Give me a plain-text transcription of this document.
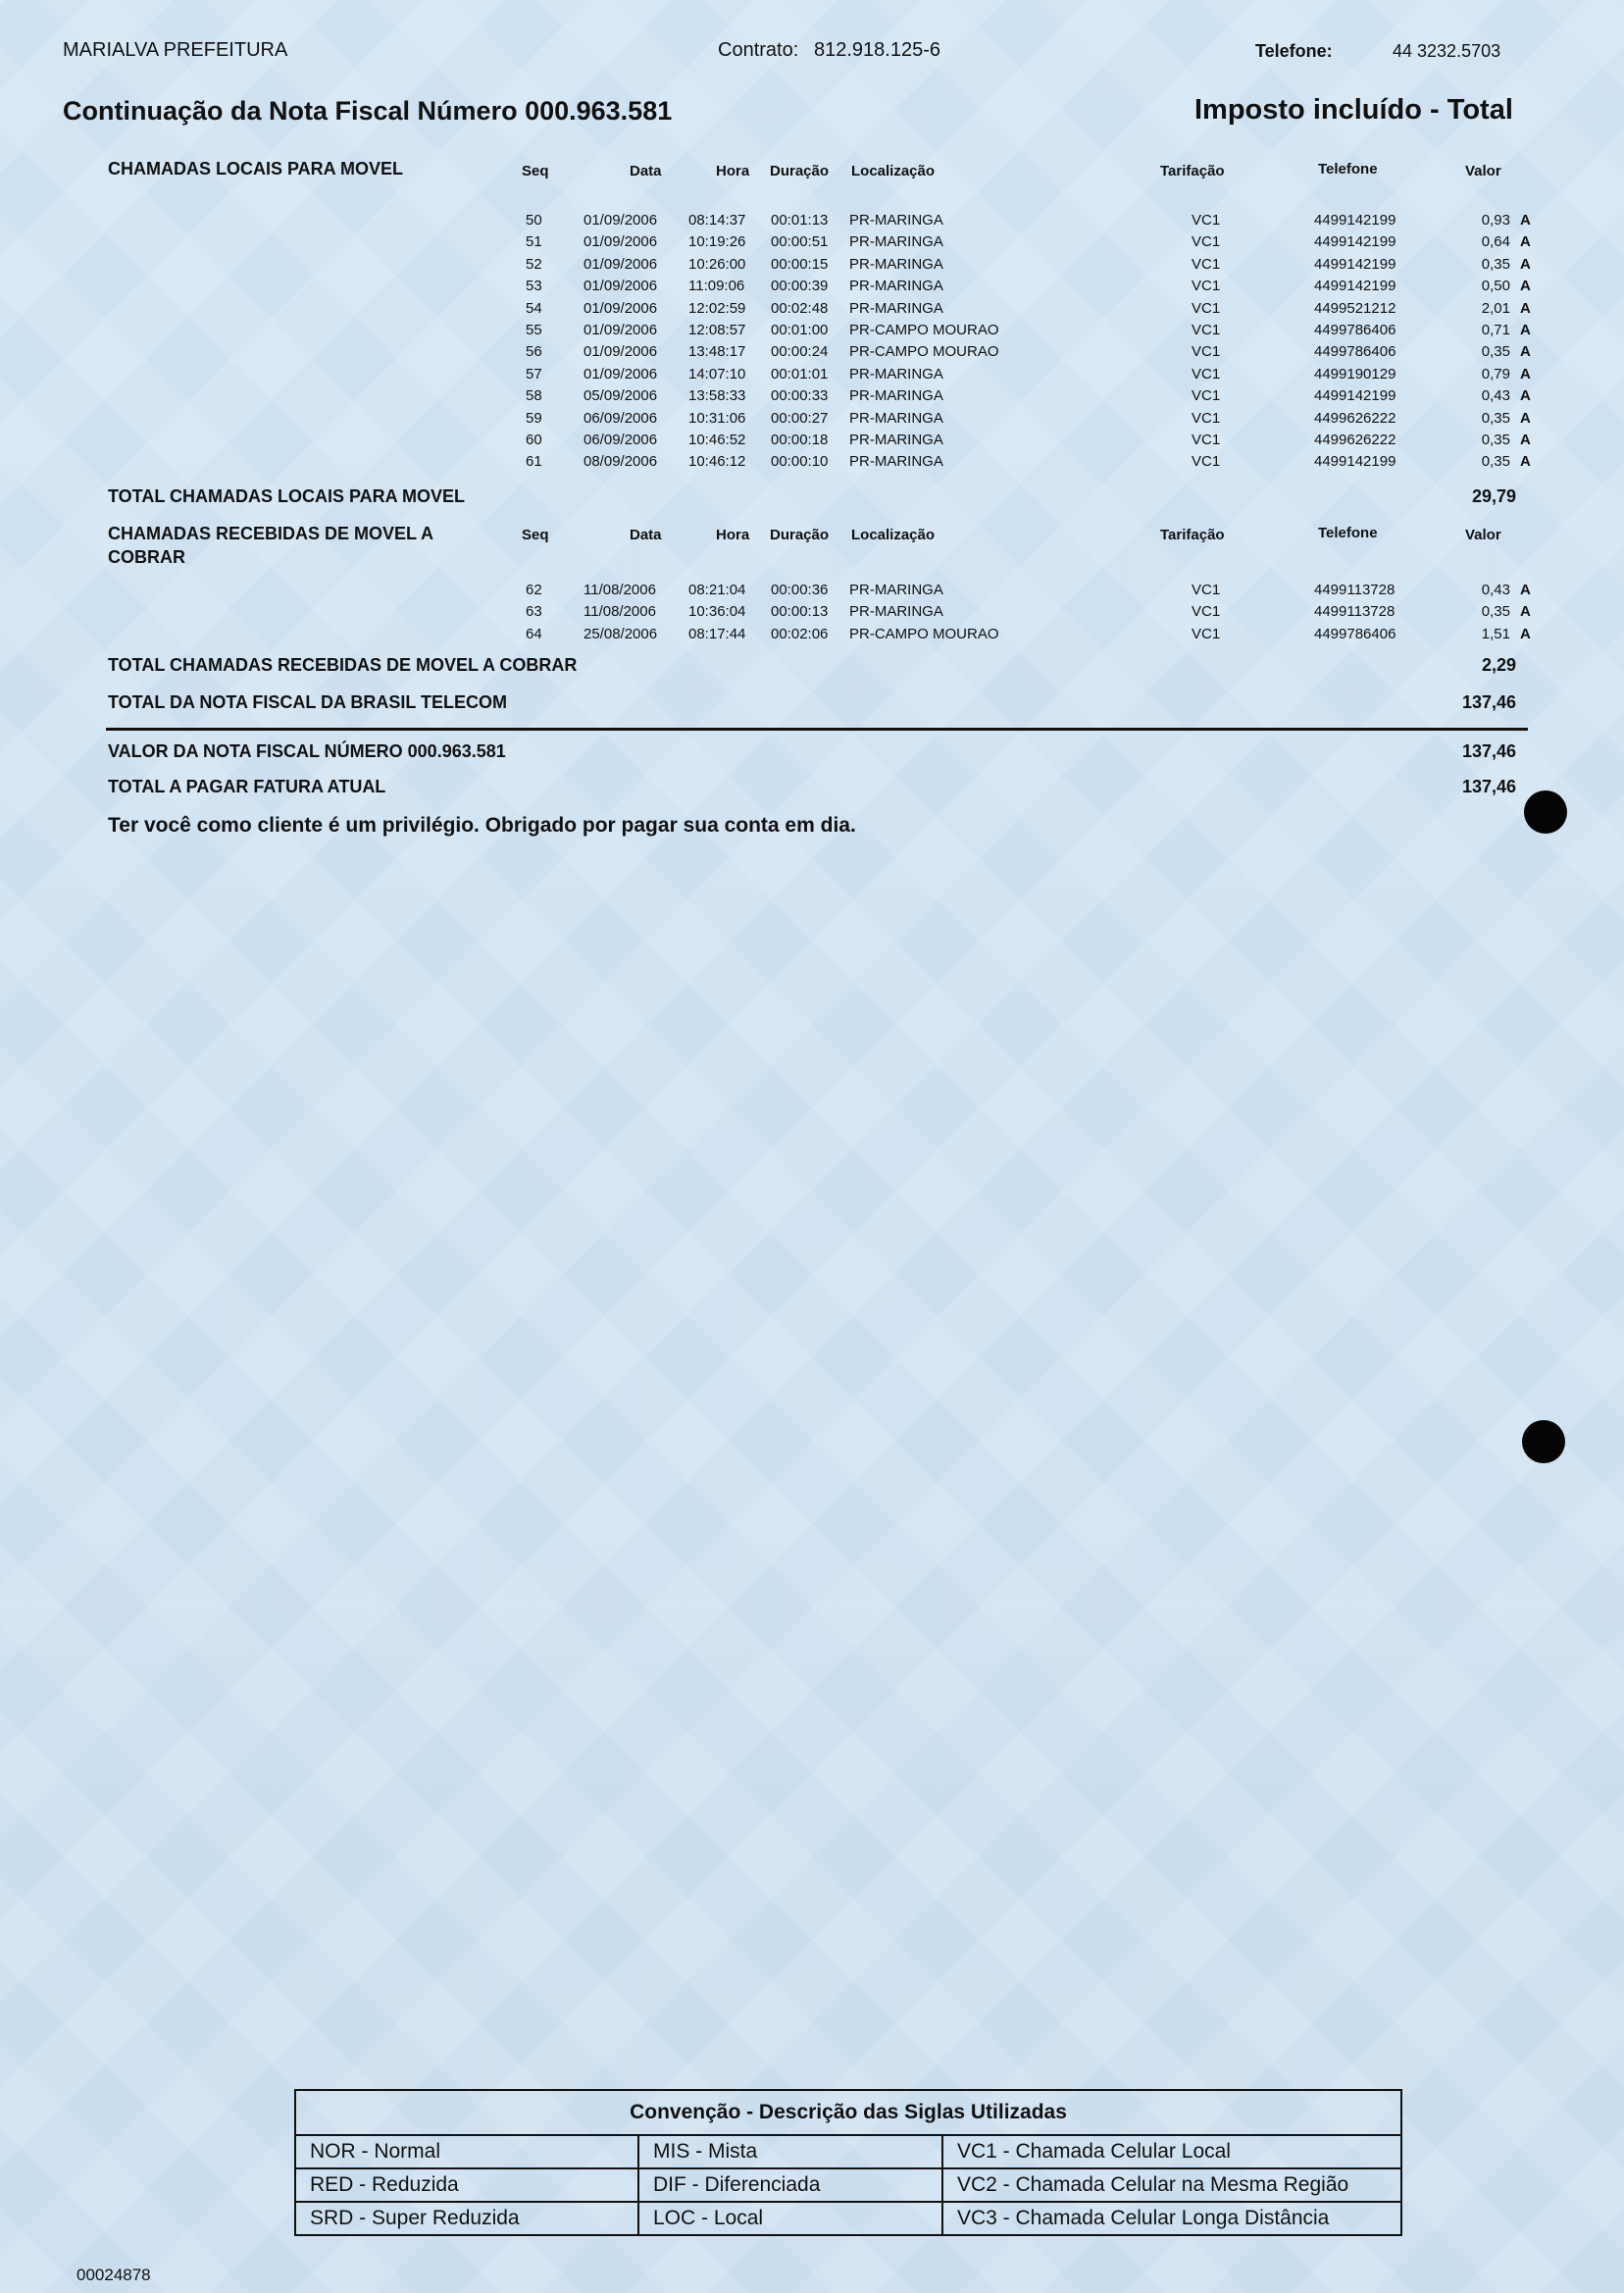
MARIALVA PREFEITURA	Contrato: 812.918.125-6	Telefone:	44 3232.5703
Continuação da Nota Fiscal Número 000.963.581	Imposto incluído - Total
CHAMADAS LOCAIS PARA MOVEL	Seq	Data	Hora Duração Localização	Tarifação	Telefone	Valor
50	01/09/2006 08:14:37 00:01:13 PR-MARINGA	VC1	4499142199	0,93 A
51	01/09/2006 10:19:26 00:00:51 PR-MARINGA	VC1	4499142199	0,64 A
52	01/09/2006 10:26:00 00:00:15 PR-MARINGA	VC1	4499142199	0,35 A
53	01/09/2006 11:09:06 00:00:39 PR-MARINGA	VC1	4499142199	0,50 A
54	01/09/2006 12:02:59 00:02:48 PR-MARINGA	VC1	4499521212	2,01 A
55	01/09/2006 12:08:57 00:01:00 PR-CAMPO MOURAO	VC1	4499786406	0,71 A
56	01/09/2006 13:48:17 00:00:24 PR-CAMPO MOURAO	VC1	4499786406	0,35 A
57	01/09/2006 14:07:10 00:01:01 PR-MARINGA	VC1	4499190129	0,79 A
58	05/09/2006 13:58:33 00:00:33 PR-MARINGA	VC1	4499142199	0,43 A
59	06/09/2006 10:31:06 00:00:27 PR-MARINGA	VC1	4499626222	0,35 A
60	06/09/2006 10:46:52 00:00:18 PR-MARINGA	VC1	4499626222	0,35 A
61	08/09/2006 10:46:12 00:00:10 PR-MARINGA	VC1	4499142199	0,35 A
TOTAL CHAMADAS LOCAIS PARA MOVEL	29,79
CHAMADAS RECEBIDAS DE MOVEL A COBRAR
Seq	Data	Hora Duração Localização	Tarifação	Telefone	Valor
62	11/08/2006 08:21:04 00:00:36 PR-MARINGA	VC1	4499113728	0,43 A
63	11/08/2006 10:36:04 00:00:13 PR-MARINGA	VC1	4499113728	0,35 A
64	25/08/2006 08:17:44 00:02:06 PR-CAMPO MOURAO	VC1	4499786406	1,51 A
TOTAL CHAMADAS RECEBIDAS DE MOVEL A COBRAR	2,29
TOTAL DA NOTA FISCAL DA BRASIL TELECOM	137,46
VALOR DA NOTA FISCAL NÚMERO 000.963.581	137,46
TOTAL A PAGAR FATURA ATUAL	137,46
Ter você como cliente é um privilégio. Obrigado por pagar sua conta em dia.
Convenção - Descrição das Siglas Utilizadas		
NOR - Normal	MIS - Mista	VC1 - Chamada Celular Local
RED - Reduzida	DIF - Diferenciada	VC2 - Chamada Celular na Mesma Região
SRD - Super Reduzida	LOC - Local	VC3 - Chamada Celular Longa Distância
00024878
